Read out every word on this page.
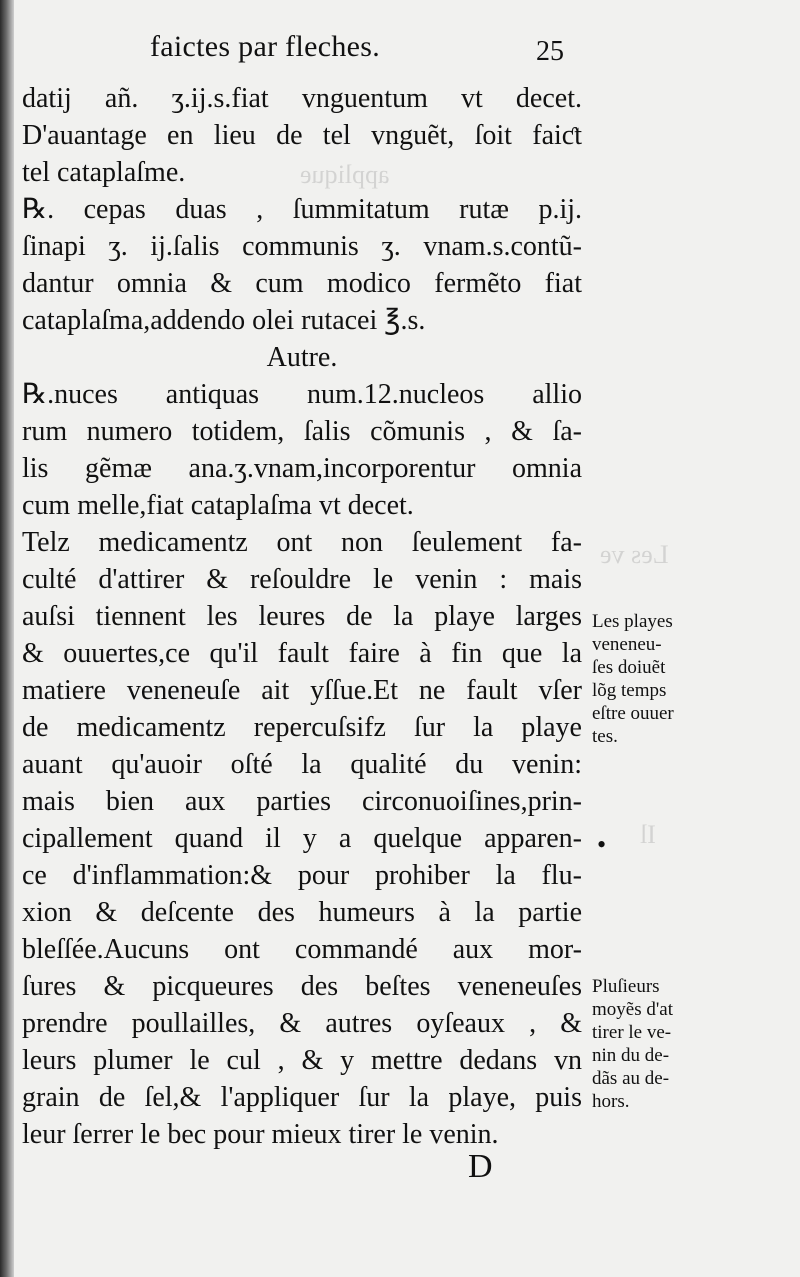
Les ve
applique
Il
faictes par fleches.	25
datij añ. ʒ.ij.s.fiat vnguentum vt decet.
D'auantage en lieu de tel vnguẽt, ſoit faiƈt
tel cataplaſme.
℞. cepas duas , ſummitatum rutæ p.ij.
ſinapi ʒ. ij.ſalis communis ʒ. vnam.s.contũ-
dantur omnia & cum modico fermẽto fiat
cataplaſma,addendo olei rutacei ℥.s.
Autre.
℞.nuces antiquas num.12.nucleos allio
rum numero totidem, ſalis cõmunis , & ſa-
lis gẽmæ ana.ʒ.vnam,incorporentur omnia
cum melle,fiat cataplaſma vt decet.
Telz medicamentz ont non ſeulement fa-
culté d'attirer & reſouldre le venin : mais
auſsi tiennent les leures de la playe larges
& ouuertes,ce qu'il fault faire à fin que la
matiere veneneuſe ait yſſue.Et ne fault vſer
de medicamentz repercuſsifz ſur la playe
auant qu'auoir oſté la qualité du venin:
mais bien aux parties circonuoiſines,prin-
cipallement quand il y a quelque apparen-
ce d'inflammation:& pour prohiber la flu-
xion & deſcente des humeurs à la partie
bleſſée.Aucuns ont commandé aux mor-
ſures & picqueures des beſtes veneneuſes
prendre poullailles, & autres oyſeaux , &
leurs plumer le cul , & y mettre dedans vn
grain de ſel,& l'appliquer ſur la playe, puis
leur ſerrer le bec pour mieux tirer le venin.
Les playes
veneneu-
ſes doiuẽt
lõg temps
eſtre ouuer
tes.
•
Pluſieurs
moyẽs d'at
tirer le ve-
nin du de-
dãs au de-
hors.
D
